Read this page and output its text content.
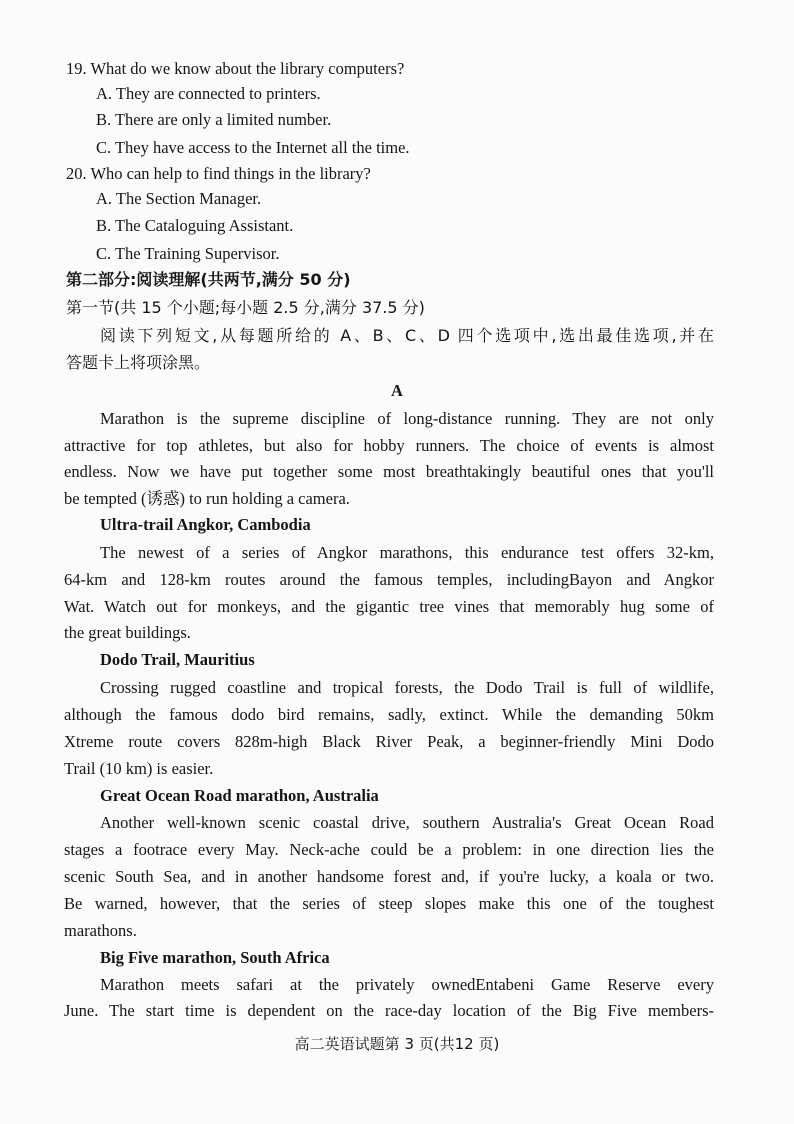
19. What do we know about the library computers?
A. They are connected to printers.
B. There are only a limited number.
C. They have access to the Internet all the time.
20. Who can help to find things in the library?
A. The Section Manager.
B. The Cataloguing Assistant.
C. The Training Supervisor.
第二部分:阅读理解(共两节,满分 50 分)
第一节(共 15 个小题;每小题 2.5 分,满分 37.5 分)
阅读下列短文,从每题所给的 A、B、C、D 四个选项中,选出最佳选项,并在
答题卡上将项涂黑。
A
Marathon is the supreme discipline of long-distance running. They are not only
attractive for top athletes, but also for hobby runners. The choice of events is almost
endless. Now we have put together some most breathtakingly beautiful ones that you'll
be tempted (诱惑) to run holding a camera.
Ultra-trail Angkor, Cambodia
The newest of a series of Angkor marathons, this endurance test offers 32-km,
64-km and 128-km routes around the famous temples, includingBayon and Angkor
Wat. Watch out for monkeys, and the gigantic tree vines that memorably hug some of
the great buildings.
Dodo Trail, Mauritius
Crossing rugged coastline and tropical forests, the Dodo Trail is full of wildlife,
although the famous dodo bird remains, sadly, extinct. While the demanding 50km
Xtreme route covers 828m-high Black River Peak, a beginner-friendly Mini Dodo
Trail (10 km) is easier.
Great Ocean Road marathon, Australia
Another well-known scenic coastal drive, southern Australia's Great Ocean Road
stages a footrace every May. Neck-ache could be a problem: in one direction lies the
scenic South Sea, and in another handsome forest and, if you're lucky, a koala or two.
Be warned, however, that the series of steep slopes make this one of the toughest
marathons.
Big Five marathon, South Africa
Marathon meets safari at the privately ownedEntabeni Game Reserve every
June. The start time is dependent on the race-day location of the Big Five members-
高二英语试题第 3 页(共12 页)
